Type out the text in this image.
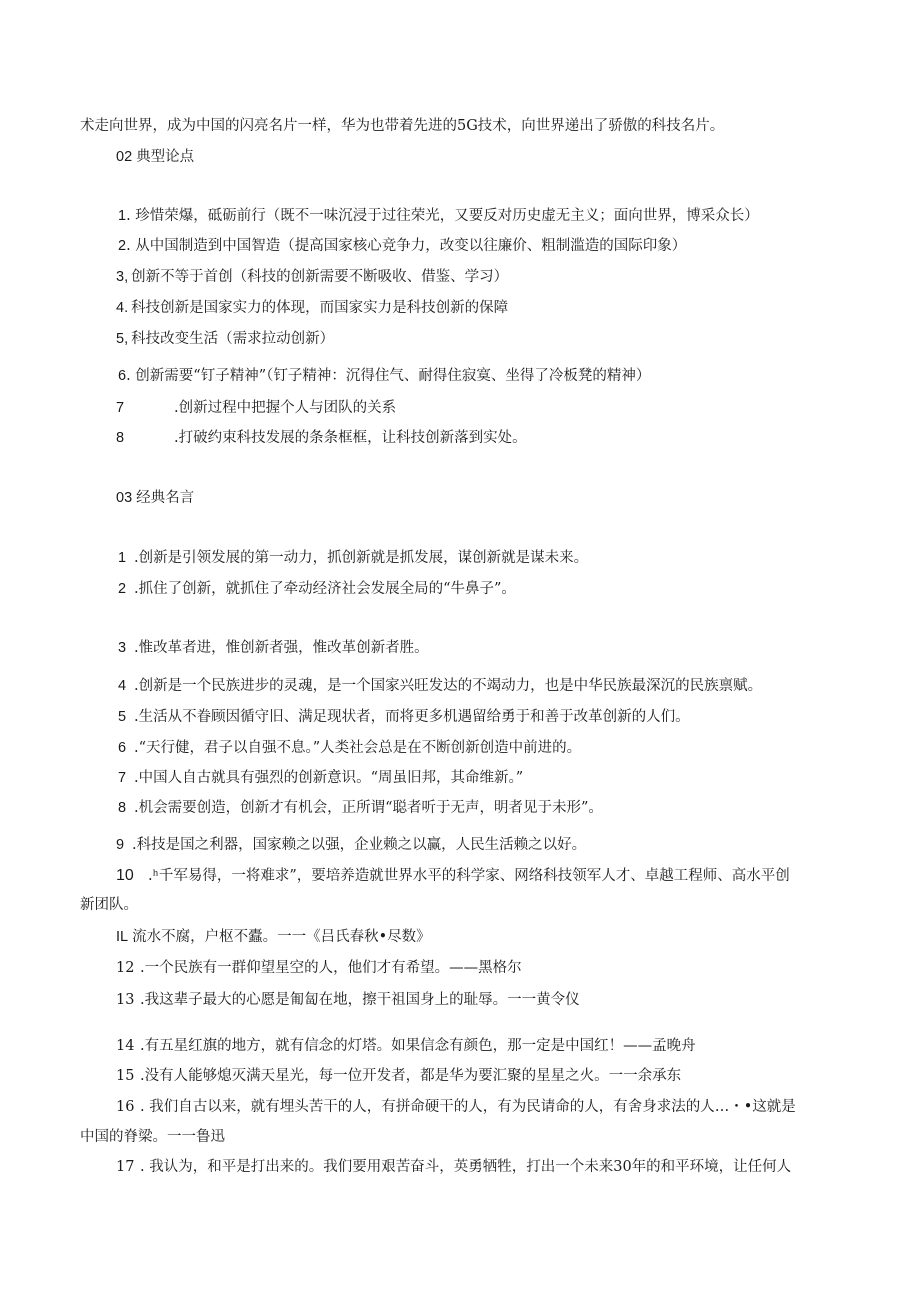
术走向世界，成为中国的闪亮名片一样，华为也带着先进的5G技术，向世界递出了骄傲的科技名片。
02 典型论点
1. 珍惜荣爆，砥砺前行（既不一味沉浸于过往荣光，又要反对历史虚无主义；面向世界，博采众长）
2. 从中国制造到中国智造（提高国家核心竞争力，改变以往廉价、粗制滥造的国际印象）
3, 创新不等于首创（科技的创新需要不断吸收、借鉴、学习）
4. 科技创新是国家实力的体现，而国家实力是科技创新的保障
5, 科技改变生活（需求拉动创新）
6. 创新需要“钉子精神”（钉子精神：沉得住气、耐得住寂寞、坐得了冷板凳的精神）
7	.创新过程中把握个人与团队的关系
8	.打破约束科技发展的条条框框，让科技创新落到实处。
03 经典名言
1 .创新是引领发展的第一动力，抓创新就是抓发展，谋创新就是谋未来。
2 .抓住了创新，就抓住了牵动经济社会发展全局的“牛鼻子”。
3 .惟改革者进，惟创新者强，惟改革创新者胜。
4 .创新是一个民族进步的灵魂，是一个国家兴旺发达的不竭动力，也是中华民族最深沉的民族禀赋。
5 .生活从不眷顾因循守旧、满足现状者，而将更多机遇留给勇于和善于改革创新的人们。
6 .“天行健，君子以自强不息。”人类社会总是在不断创新创造中前进的。
7 .中国人自古就具有强烈的创新意识。“周虽旧邦，其命维新。”
8 .机会需要创造，创新才有机会，正所谓“聪者听于无声，明者见于未形”。
9 .科技是国之利器，国家赖之以强，企业赖之以赢，人民生活赖之以好。
10 .ʰ千军易得，一将难求”，要培养造就世界水平的科学家、网络科技领军人才、卓越工程师、高水平创
新团队。
IL 流水不腐，户枢不蠹。一一《吕氏春秋•尽数》
12 .一个民族有一群仰望星空的人，他们才有希望。——黑格尔
13 .我这辈子最大的心愿是匍匐在地，擦干祖国身上的耻辱。一一黄令仪
14 .有五星红旗的地方，就有信念的灯塔。如果信念有颜色，那一定是中国红！——孟晚舟
15 .没有人能够熄灭满天星光，每一位开发者，都是华为要汇聚的星星之火。一一余承东
16 . 我们自古以来，就有埋头苦干的人，有拼命硬干的人，有为民请命的人，有舍身求法的人…・•这就是
中国的脊梁。一一鲁迅
17 . 我认为，和平是打出来的。我们要用艰苦奋斗，英勇牺牲，打出一个未来30年的和平环境，让任何人
